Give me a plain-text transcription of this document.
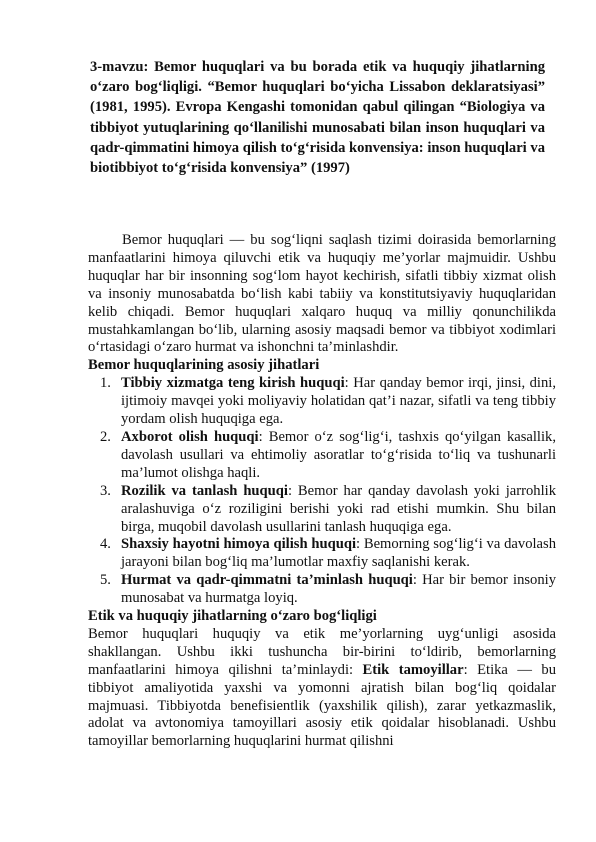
3-mavzu: Bemor huquqlari va bu borada etik va huquqiy jihatlarning o‘zaro bog‘liqligi. “Bemor huquqlari bo‘yicha Lissabon deklaratsiyasi” (1981, 1995). Evropa Kengashi tomonidan qabul qilingan “Biologiya va tibbiyot yutuqlarining qo‘llanilishi munosabati bilan inson huquqlari va qadr-qimmatini himoya qilish to‘g‘risida konvensiya: inson huquqlari va biotibbiyot to‘g‘risida konvensiya” (1997)

Bemor huquqlari — bu sog‘liqni saqlash tizimi doirasida bemorlarning manfaatlarini himoya qiluvchi etik va huquqiy me’yorlar majmuidir. Ushbu huquqlar har bir insonning sog‘lom hayot kechirish, sifatli tibbiy xizmat olish va insoniy munosabatda bo‘lish kabi tabiiy va konstitutsiyaviy huquqlaridan kelib chiqadi. Bemor huquqlari xalqaro huquq va milliy qonunchilikda mustahkamlangan bo‘lib, ularning asosiy maqsadi bemor va tibbiyot xodimlari o‘rtasidagi o‘zaro hurmat va ishonchni ta’minlashdir.

Bemor huquqlarining asosiy jihatlari

1. Tibbiy xizmatga teng kirish huquqi: Har qanday bemor irqi, jinsi, dini, ijtimoiy mavqei yoki moliyaviy holatidan qat’i nazar, sifatli va teng tibbiy yordam olish huquqiga ega.
2. Axborot olish huquqi: Bemor o‘z sog‘lig‘i, tashxis qo‘yilgan kasallik, davolash usullari va ehtimoliy asoratlar to‘g‘risida to‘liq va tushunarli ma’lumot olishga haqli.
3. Rozilik va tanlash huquqi: Bemor har qanday davolash yoki jarrohlik aralashuviga o‘z roziligini berishi yoki rad etishi mumkin. Shu bilan birga, muqobil davolash usullarini tanlash huquqiga ega.
4. Shaxsiy hayotni himoya qilish huquqi: Bemorning sog‘lig‘i va davolash jarayoni bilan bog‘liq ma’lumotlar maxfiy saqlanishi kerak.
5. Hurmat va qadr-qimmatni ta’minlash huquqi: Har bir bemor insoniy munosabat va hurmatga loyiq.

Etik va huquqiy jihatlarning o‘zaro bog‘liqligi

Bemor huquqlari huquqiy va etik me’yorlarning uyg‘unligi asosida shakllangan. Ushbu ikki tushuncha bir-birini to‘ldirib, bemorlarning manfaatlarini himoya qilishni ta’minlaydi: Etik tamoyillar: Etika — bu tibbiyot amaliyotida yaxshi va yomonni ajratish bilan bog‘liq qoidalar majmuasi. Tibbiyotda benefisientlik (yaxshilik qilish), zarar yetkazmaslik, adolat va avtonomiya tamoyillari asosiy etik qoidalar hisoblanadi. Ushbu tamoyillar bemorlarning huquqlarini hurmat qilishni
